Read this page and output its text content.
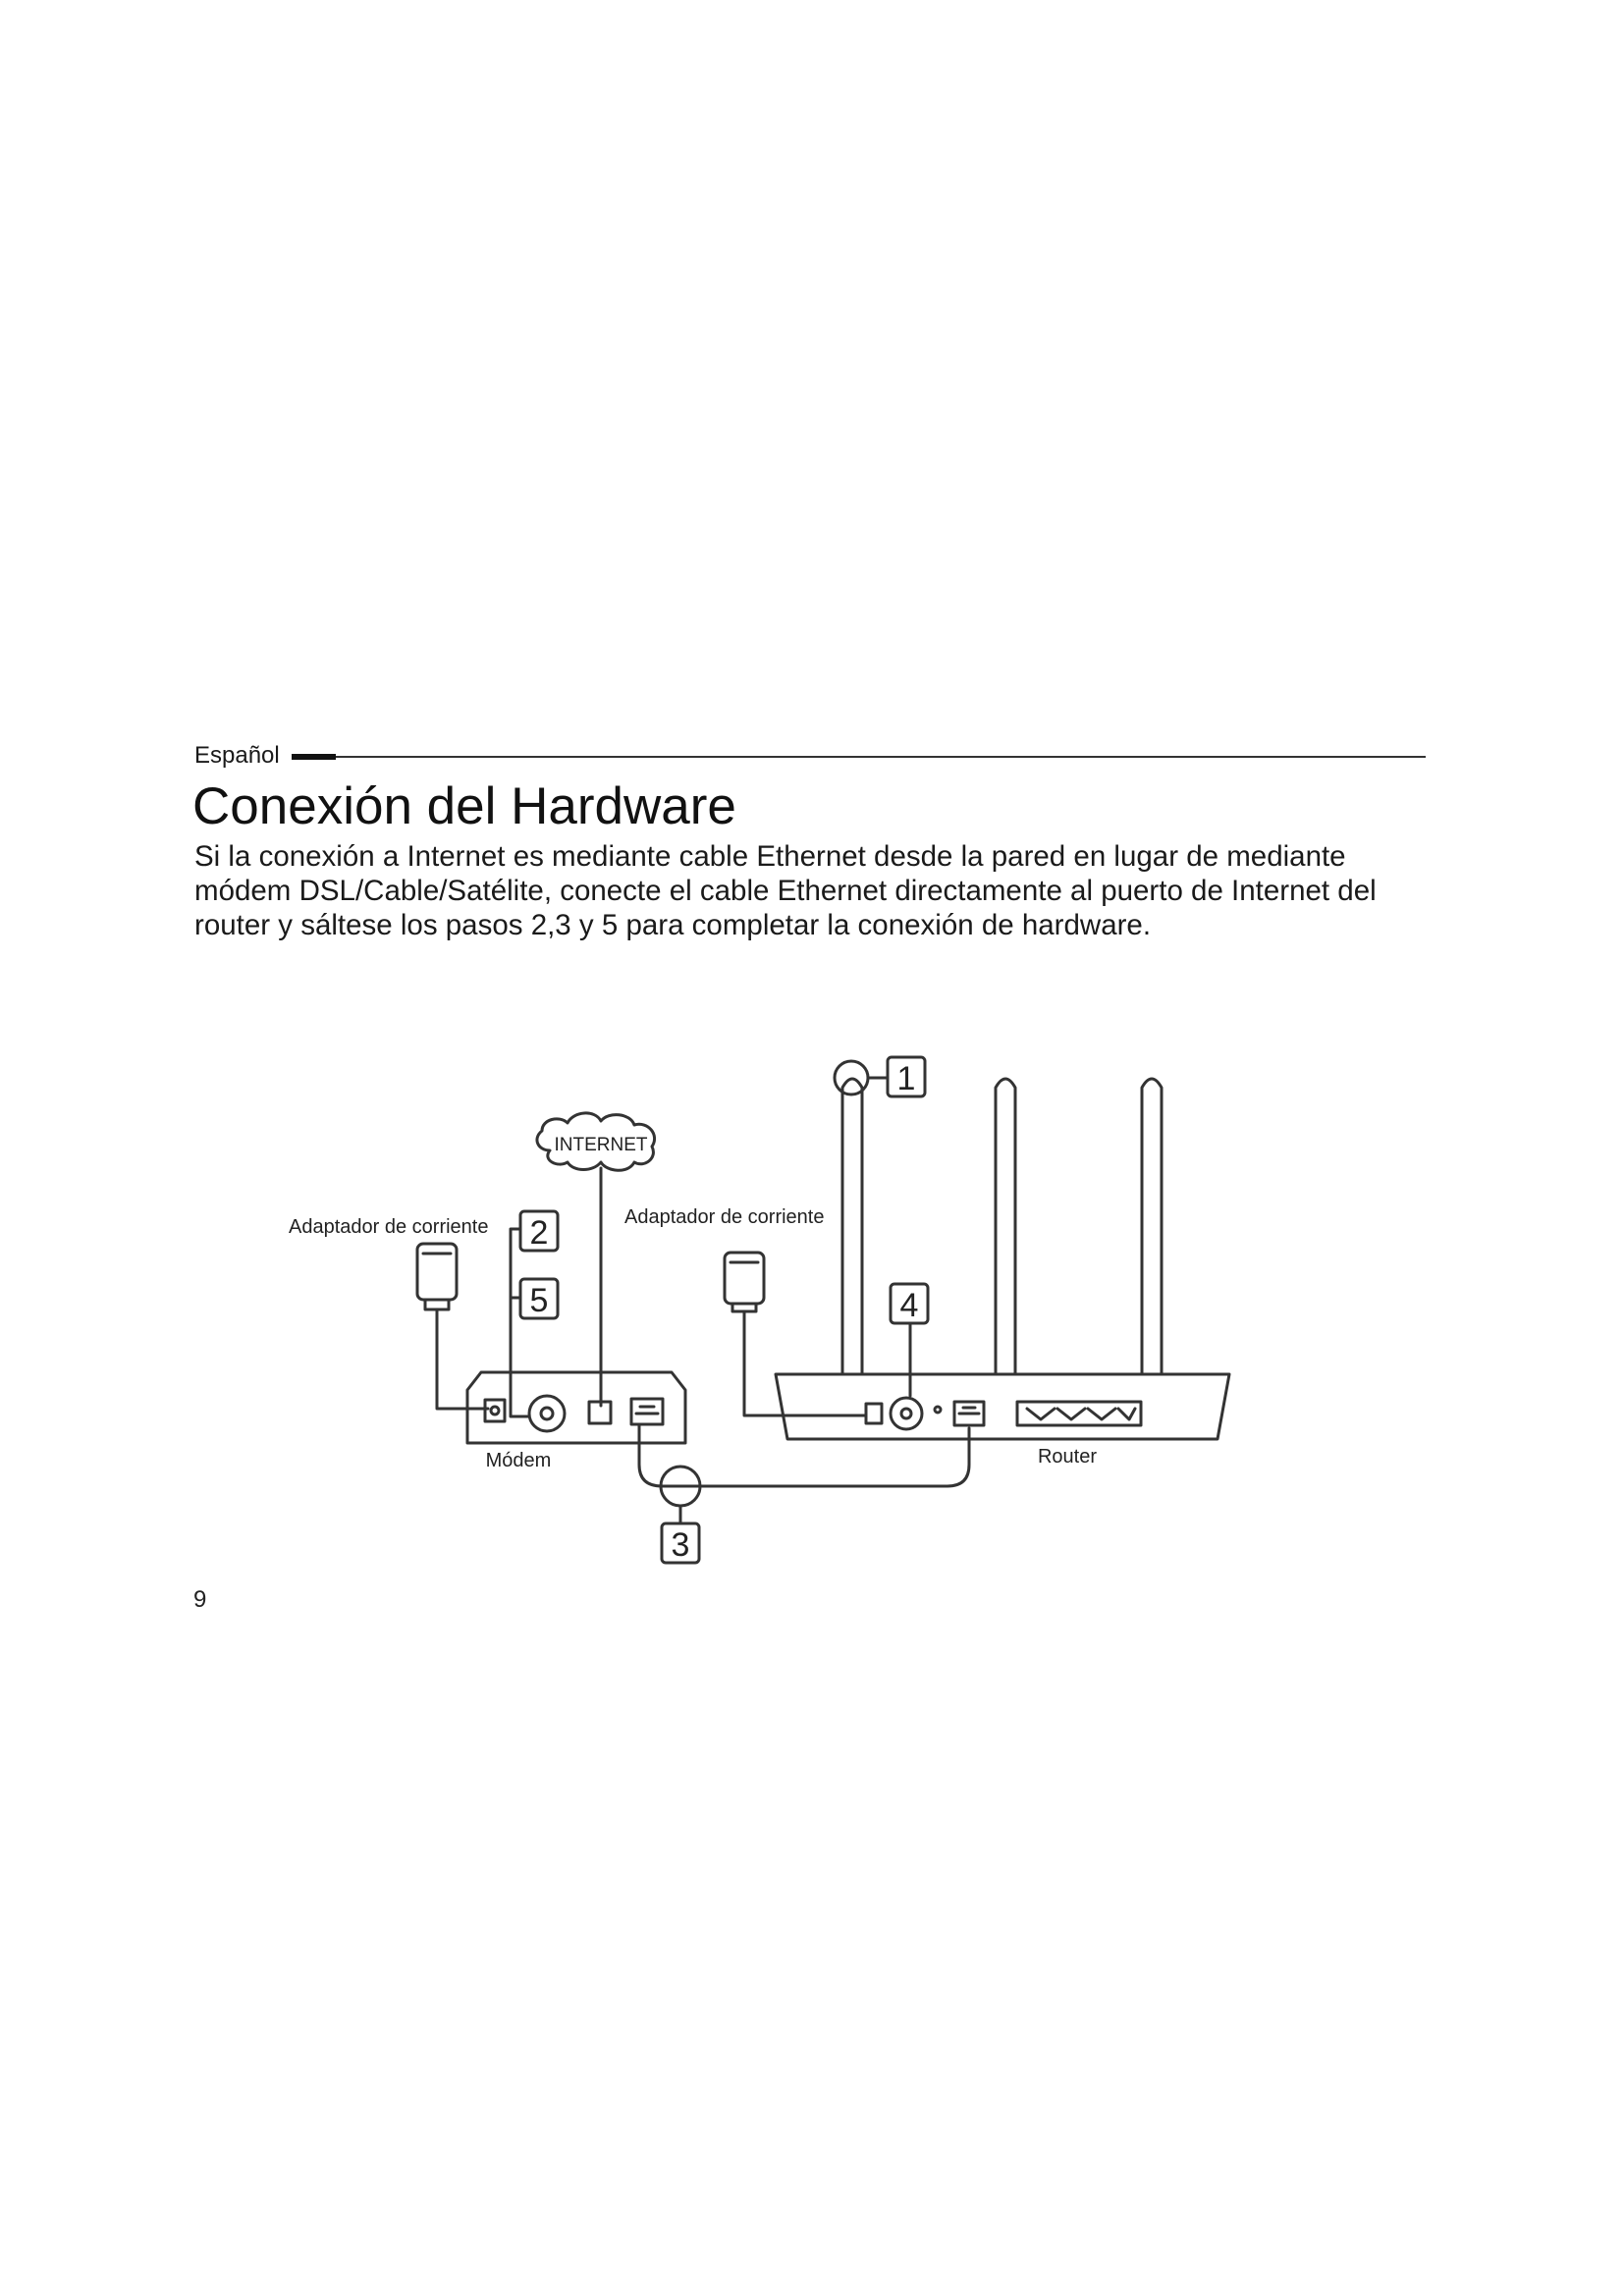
Español
Conexión del Hardware

Si la conexión a Internet es mediante cable Ethernet desde la pared en lugar de mediante módem DSL/Cable/Satélite, conecte el cable Ethernet directamente al puerto de Internet del router y sáltese los pasos 2,3 y 5 para completar la conexión de hardware.

1
2
5	4
3
INTERNET
Adaptador de corriente	Adaptador de corriente
Módem	Router
9
